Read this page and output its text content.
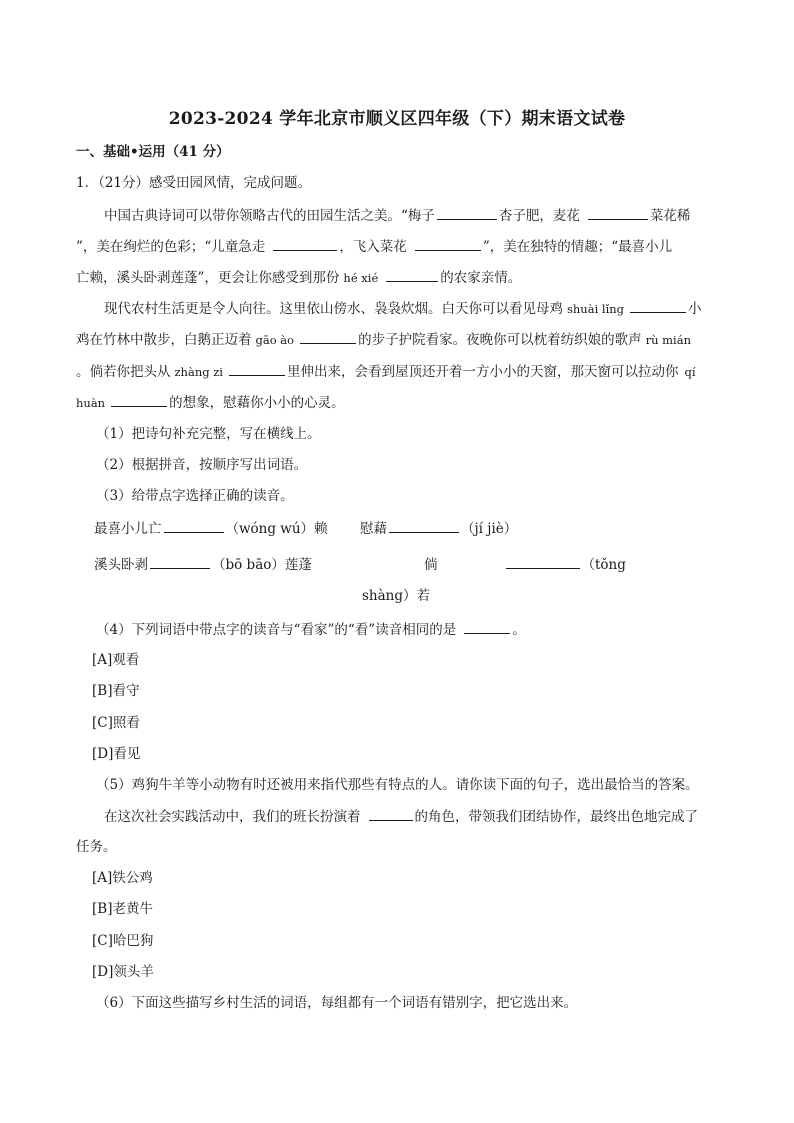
2023-2024 学年北京市顺义区四年级（下）期末语文试卷
一、基础•运用（41 分）
1．（21分）感受田园风情，完成问题。
中国古典诗词可以带你领略古代的田园生活之美。“梅子	杏子肥，麦花	菜花稀
”，美在绚烂的色彩；“儿童急走	，飞入菜花	”，美在独特的情趣；“最喜小儿
亡赖，溪头卧剥莲蓬”，更会让你感受到那份 hé xié	的农家亲情。
现代农村生活更是令人向往。这里依山傍水、袅袅炊烟。白天你可以看见母鸡 shuài lǐng	小
鸡在竹林中散步，白鹅正迈着 gāo ào	的步子护院看家。夜晚你可以枕着纺织娘的歌声 rù mián
。倘若你把头从 zhàng zi	里伸出来，会看到屋顶还开着一方小小的天窗，那天窗可以拉动你 qí
huàn	的想象，慰藉你小小的心灵。
（1）把诗句补充完整，写在横线上。
（2）根据拼音，按顺序写出词语。
（3）给带点字选择正确的读音。
最喜小儿亡	（wóng wú）赖	慰藉	（jí jiè）
溪头卧剥	（bō bāo）莲蓬	倘	（tǒng
shàng）若
（4）下列词语中带点字的读音与“看家”的“看”读音相同的是	。
[A]观看
[B]看守
[C]照看
[D]看见
（5）鸡狗牛羊等小动物有时还被用来指代那些有特点的人。请你读下面的句子，选出最恰当的答案。
在这次社会实践活动中，我们的班长扮演着	的角色，带领我们团结协作，最终出色地完成了
任务。
[A]铁公鸡
[B]老黄牛
[C]哈巴狗
[D]领头羊
（6）下面这些描写乡村生活的词语，每组都有一个词语有错别字，把它选出来。
